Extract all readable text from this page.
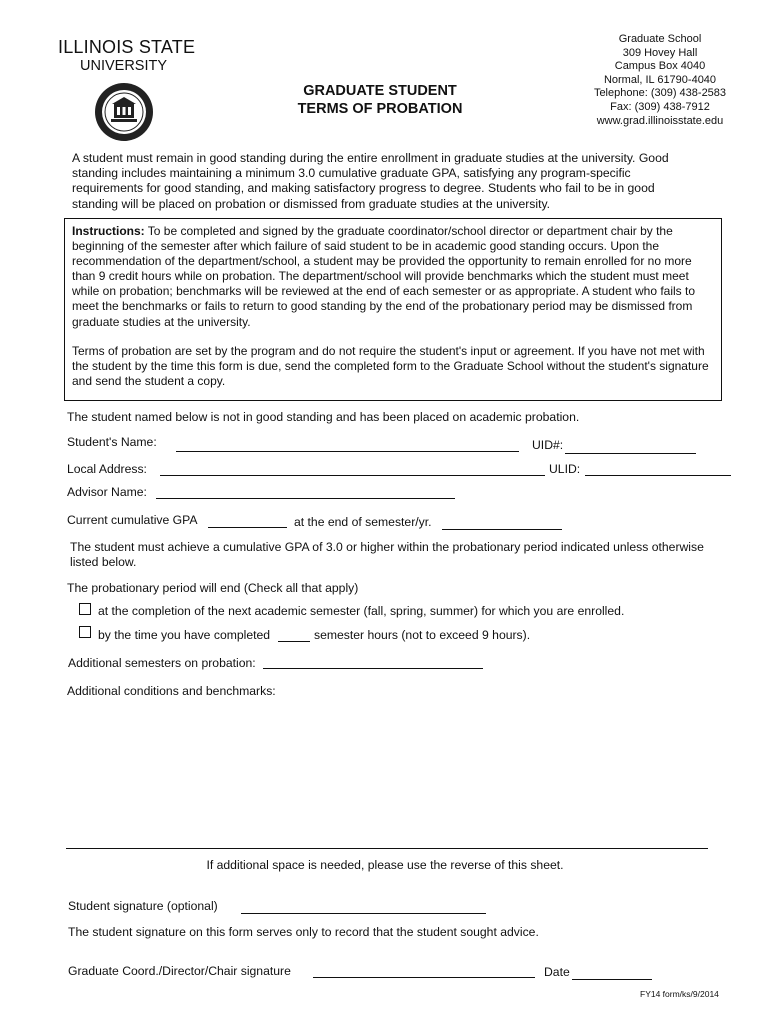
ILLINOIS STATE
UNIVERSITY
GRADUATE STUDENT
TERMS OF PROBATION
Graduate School
309 Hovey Hall
Campus Box 4040
Normal, IL 61790-4040
Telephone: (309) 438-2583
Fax: (309) 438-7912
www.grad.illinoisstate.edu
A student must remain in good standing during the entire enrollment in graduate studies at the university. Good standing includes maintaining a minimum 3.0 cumulative graduate GPA, satisfying any program-specific requirements for good standing, and making satisfactory progress to degree. Students who fail to be in good standing will be placed on probation or dismissed from graduate studies at the university.

Instructions: To be completed and signed by the graduate coordinator/school director or department chair by the beginning of the semester after which failure of said student to be in academic good standing occurs. Upon the recommendation of the department/school, a student may be provided the opportunity to remain enrolled for no more than 9 credit hours while on probation. The department/school will provide benchmarks which the student must meet while on probation; benchmarks will be reviewed at the end of each semester or as appropriate. A student who fails to meet the benchmarks or fails to return to good standing by the end of the probationary period may be dismissed from graduate studies at the university.

Terms of probation are set by the program and do not require the student's input or agreement. If you have not met with the student by the time this form is due, send the completed form to the Graduate School without the student's signature and send the student a copy.

The student named below is not in good standing and has been placed on academic probation.
Student's Name:	UID#:
Local Address:	ULID:
Advisor Name:
Current cumulative GPA	at the end of semester/yr.
The student must achieve a cumulative GPA of 3.0 or higher within the probationary period indicated unless otherwise listed below.
The probationary period will end (Check all that apply)
at the completion of the next academic semester (fall, spring, summer) for which you are enrolled.
by the time you have completed	semester hours (not to exceed 9 hours).
Additional semesters on probation:
Additional conditions and benchmarks:
If additional space is needed, please use the reverse of this sheet.
Student signature (optional)
The student signature on this form serves only to record that the student sought advice.
Graduate Coord./Director/Chair signature	Date
FY14 form/ks/9/2014
